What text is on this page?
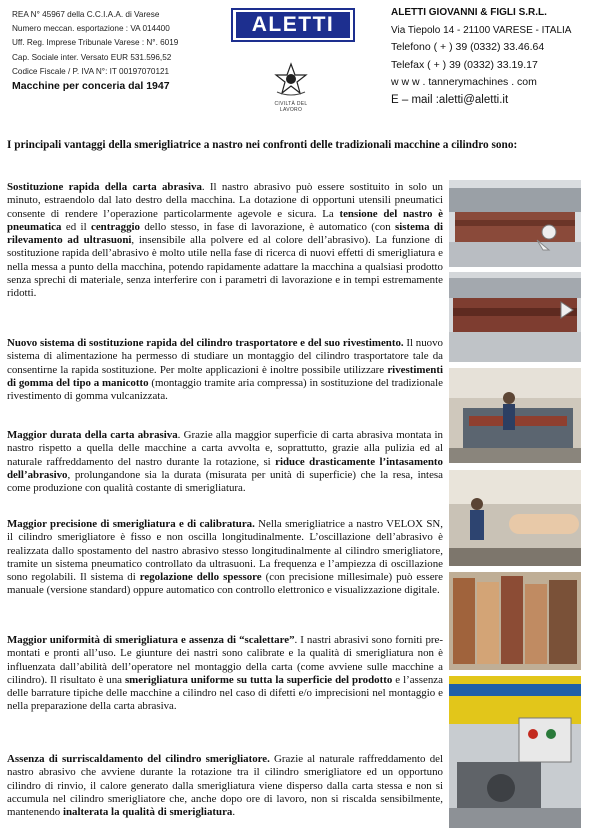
REA N° 45967 della C.C.I.A.A. di Varese
Numero meccan. esportazione : VA 014400
Uff. Reg. Imprese Tribunale Varese : N°. 6019
Cap. Sociale inter. Versato EUR 531.596,52
Codice Fiscale / P. IVA N°: IT 00197070121
Macchine per conceria dal 1947
ALETTI
CIVILTÀ DEL LAVORO
ALETTI GIOVANNI & FIGLI S.R.L.
Via Tiepolo 14 - 21100 VARESE - ITALIA
Telefono ( + ) 39 (0332) 33.46.64
Telefax ( + ) 39 (0332) 33.19.17
w w w . tannerymachines . com
E – mail :aletti@aletti.it
I principali vantaggi della smerigliatrice a nastro nei confronti delle tradizionali macchine a cilindro sono:
Sostituzione rapida della carta abrasiva. Il nastro abrasivo può essere sostituito in solo un minuto, estraendolo dal lato destro della macchina. La dotazione di opportuni utensili pneumatici consente di rendere l’operazione particolarmente agevole e sicura. La tensione del nastro è pneumatica ed il centraggio dello stesso, in fase di lavorazione, è automatico (con sistema di rilevamento ad ultrasuoni, insensibile alla polvere ed al colore dell’abrasivo). La funzione di sostituzione rapida dell’abrasivo è molto utile nella fase di ricerca di nuovi effetti di smerigliatura e nella messa a punto della macchina, potendo rapidamente adattare la macchina a qualsiasi prodotto senza sprechi di materiale, senza interferire con i parametri di lavorazione e in tempi estremamente ridotti.
Nuovo sistema di sostituzione rapida del cilindro trasportatore e del suo rivestimento. Il nuovo sistema di alimentazione ha permesso di studiare un montaggio del cilindro trasportatore tale da consentirne la rapida sostituzione. Per molte applicazioni è inoltre possibile utilizzare rivestimenti di gomma del tipo a manicotto (montaggio tramite aria compressa) in sostituzione del tradizionale rivestimento di gomma vulcanizzata.
Maggior durata della carta abrasiva. Grazie alla maggior superficie di carta abrasiva montata in nastro rispetto a quella delle macchine a carta avvolta e, soprattutto, grazie alla pulizia ed al naturale raffreddamento del nastro durante la rotazione, si riduce drasticamente l’intasamento dell’abrasivo, prolungandone sia la durata (misurata per unità di superficie) che la resa, intesa come produzione con qualità costante di smerigliatura.
Maggior precisione di smerigliatura e di calibratura. Nella smerigliatrice a nastro VELOX SN, il cilindro smerigliatore è fisso e non oscilla longitudinalmente. L’oscillazione dell’abrasivo è realizzata dallo spostamento del nastro abrasivo stesso longitudinalmente al cilindro smerigliatore, tramite un sistema pneumatico controllato da ultrasuoni. La frequenza e l’ampiezza di oscillazione sono regolabili. Il sistema di regolazione dello spessore (con precisione millesimale) può essere manuale (versione standard) oppure automatico con controllo elettronico e visualizzazione digitale.
Maggior uniformità di smerigliatura e assenza di “scalettare”. I nastri abrasivi sono forniti pre-montati e pronti all’uso. Le giunture dei nastri sono calibrate e la qualità di smerigliatura non è influenzata dall’abilità dell’operatore nel montaggio della carta (come avviene sulle macchine a cilindro). Il risultato è una smerigliatura uniforme su tutta la superficie del prodotto e l’assenza delle barrature tipiche delle macchine a cilindro nel caso di difetti e/o imprecisioni nel montaggio e nella preparazione della carta abrasiva.
Assenza di surriscaldamento del cilindro smerigliatore. Grazie al naturale raffreddamento del nastro abrasivo che avviene durante la rotazione tra il cilindro smerigliatore ed un opportuno cilindro di rinvio, il calore generato dalla smerigliatura viene disperso dalla carta stessa e non si accumula nel cilindro smerigliatore che, anche dopo ore di lavoro, non si riscalda sensibilmente, mantenendo inalterata la qualità di smerigliatura.
